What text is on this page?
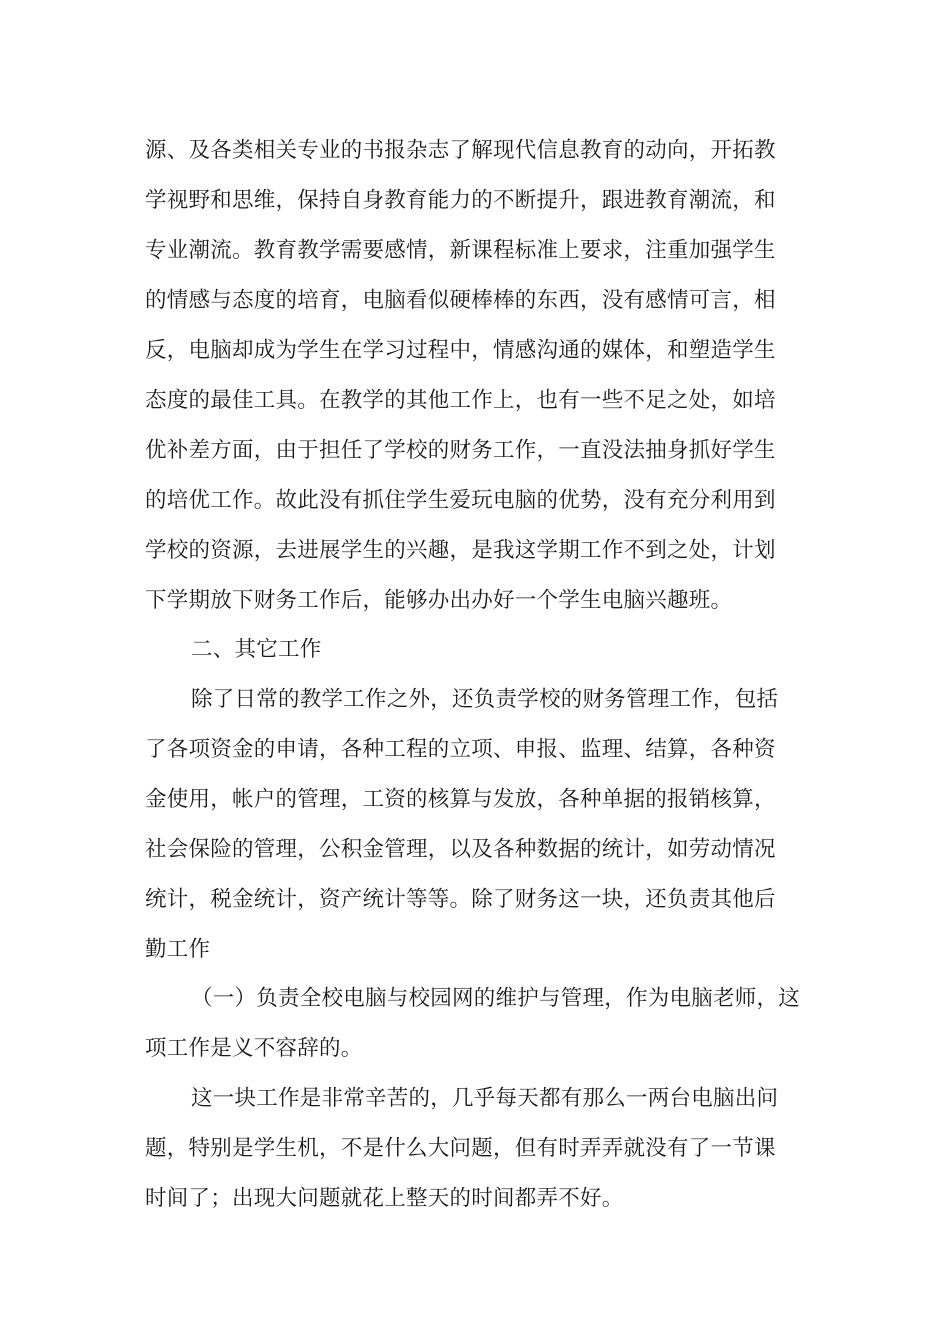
源、及各类相关专业的书报杂志了解现代信息教育的动向，开拓教
学视野和思维，保持自身教育能力的不断提升，跟进教育潮流，和
专业潮流。教育教学需要感情，新课程标准上要求，注重加强学生
的情感与态度的培育，电脑看似硬棒棒的东西，没有感情可言，相
反，电脑却成为学生在学习过程中，情感沟通的媒体，和塑造学生
态度的最佳工具。在教学的其他工作上，也有一些不足之处，如培
优补差方面，由于担任了学校的财务工作，一直没法抽身抓好学生
的培优工作。故此没有抓住学生爱玩电脑的优势，没有充分利用到
学校的资源，去进展学生的兴趣，是我这学期工作不到之处，计划
下学期放下财务工作后，能够办出办好一个学生电脑兴趣班。
二、其它工作
除了日常的教学工作之外，还负责学校的财务管理工作，包括
了各项资金的申请，各种工程的立项、申报、监理、结算，各种资
金使用，帐户的管理，工资的核算与发放，各种单据的报销核算，
社会保险的管理，公积金管理，以及各种数据的统计，如劳动情况
统计，税金统计，资产统计等等。除了财务这一块，还负责其他后
勤工作
（一）负责全校电脑与校园网的维护与管理，作为电脑老师，这
项工作是义不容辞的。
这一块工作是非常辛苦的，几乎每天都有那么一两台电脑出问
题，特别是学生机，不是什么大问题，但有时弄弄就没有了一节课
时间了；出现大问题就花上整天的时间都弄不好。
